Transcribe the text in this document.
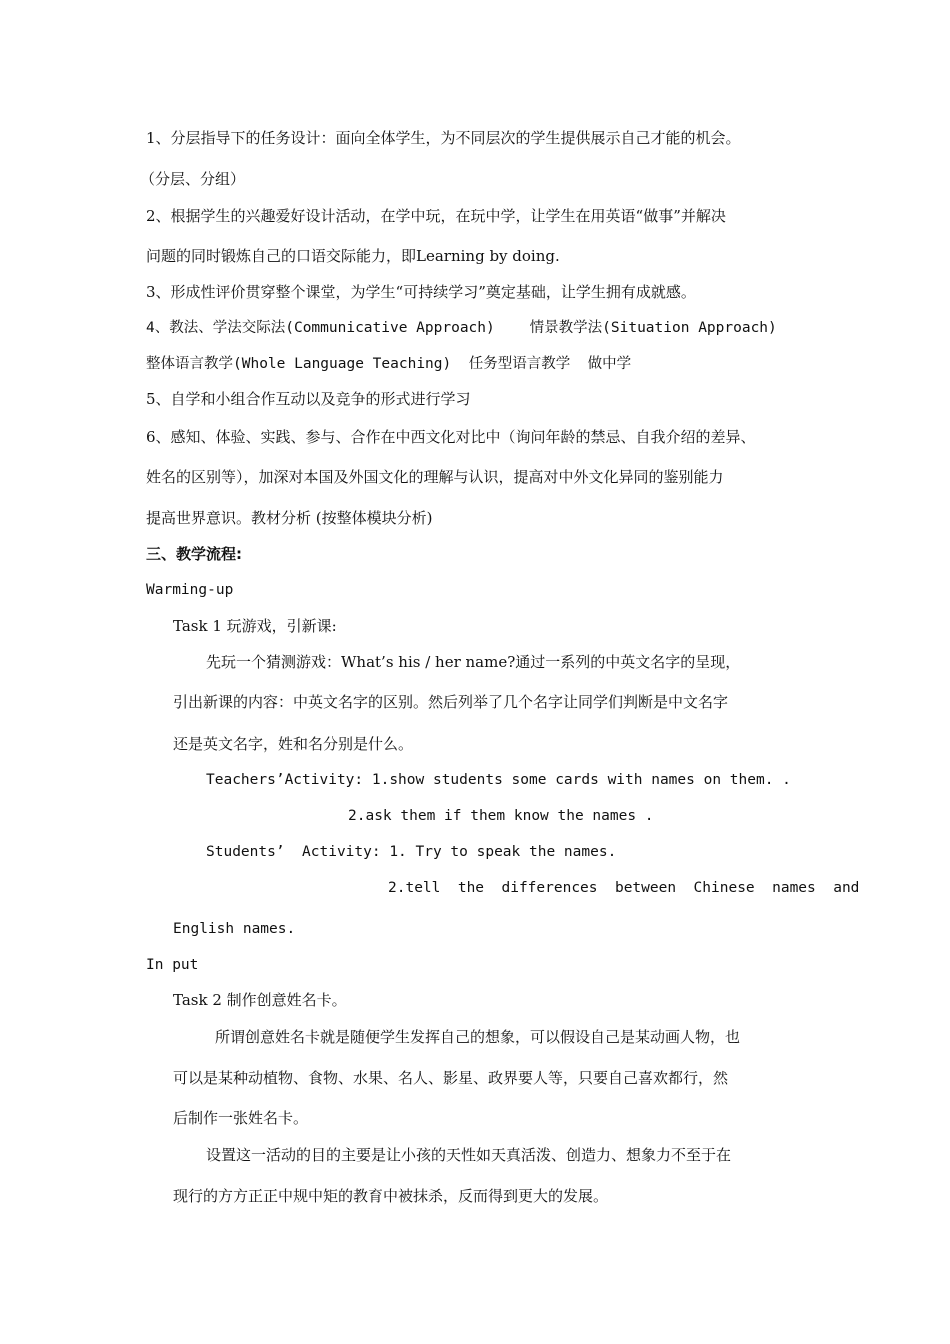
1、分层指导下的任务设计：面向全体学生，为不同层次的学生提供展示自己才能的机会。
（分层、分组）
2、根据学生的兴趣爱好设计活动，在学中玩，在玩中学，让学生在用英语“做事”并解决
问题的同时锻炼自己的口语交际能力，即Learning by doing.
3、形成性评价贯穿整个课堂，为学生“可持续学习”奠定基础，让学生拥有成就感。
4、教法、学法交际法(Communicative Approach)    情景教学法(Situation Approach)
整体语言教学(Whole Language Teaching)  任务型语言教学  做中学
5、自学和小组合作互动以及竞争的形式进行学习
6、感知、体验、实践、参与、合作在中西文化对比中（询问年龄的禁忌、自我介绍的差异、
姓名的区别等），加深对本国及外国文化的理解与认识，提高对中外文化异同的鉴别能力
提高世界意识。教材分析 (按整体模块分析)
三、教学流程:
Warming-up
Task 1 玩游戏，引新课:
先玩一个猜测游戏：What’s his / her name?通过一系列的中英文名字的呈现，
引出新课的内容：中英文名字的区别。然后列举了几个名字让同学们判断是中文名字
还是英文名字，姓和名分别是什么。
Teachers’Activity: 1.show students some cards with names on them. .
2.ask them if them know the names .
Students’  Activity: 1. Try to speak the names.
2.tell  the  differences  between  Chinese  names  and
English names.
In put
Task 2 制作创意姓名卡。
所谓创意姓名卡就是随便学生发挥自己的想象，可以假设自己是某动画人物，也
可以是某种动植物、食物、水果、名人、影星、政界要人等，只要自己喜欢都行，然
后制作一张姓名卡。
设置这一活动的目的主要是让小孩的天性如天真活泼、创造力、想象力不至于在
现行的方方正正中规中矩的教育中被抹杀，反而得到更大的发展。
